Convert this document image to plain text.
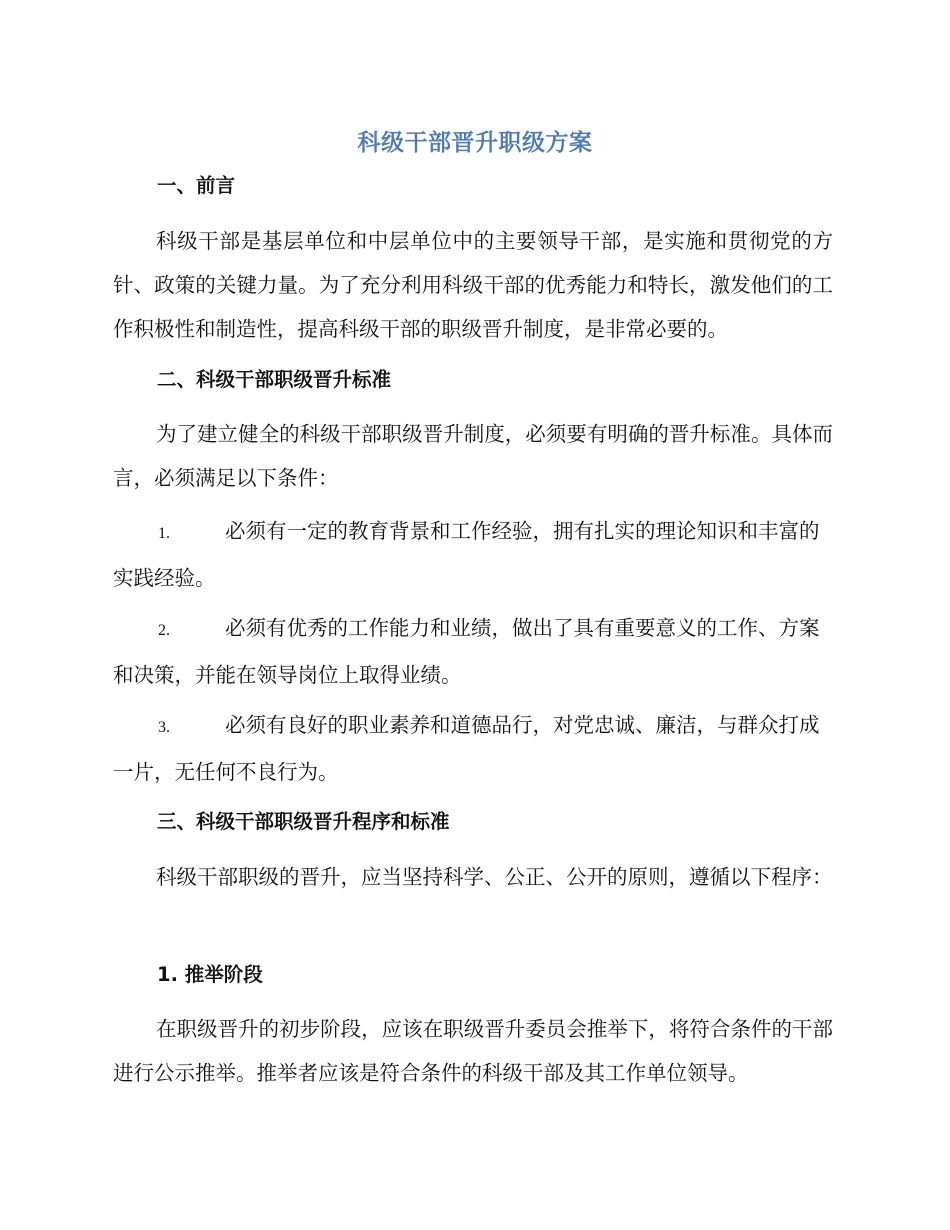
科级干部晋升职级方案
一、前言
科级干部是基层单位和中层单位中的主要领导干部，是实施和贯彻党的方针、政策的关键力量。为了充分利用科级干部的优秀能力和特长，激发他们的工作积极性和制造性，提高科级干部的职级晋升制度，是非常必要的。
二、科级干部职级晋升标准
为了建立健全的科级干部职级晋升制度，必须要有明确的晋升标准。具体而言，必须满足以下条件：
1.	必须有一定的教育背景和工作经验，拥有扎实的理论知识和丰富的实践经验。
2.	必须有优秀的工作能力和业绩，做出了具有重要意义的工作、方案和决策，并能在领导岗位上取得业绩。
3.	必须有良好的职业素养和道德品行，对党忠诚、廉洁，与群众打成一片，无任何不良行为。
三、科级干部职级晋升程序和标准
科级干部职级的晋升，应当坚持科学、公正、公开的原则，遵循以下程序：
1. 推举阶段
在职级晋升的初步阶段，应该在职级晋升委员会推举下，将符合条件的干部进行公示推举。推举者应该是符合条件的科级干部及其工作单位领导。
